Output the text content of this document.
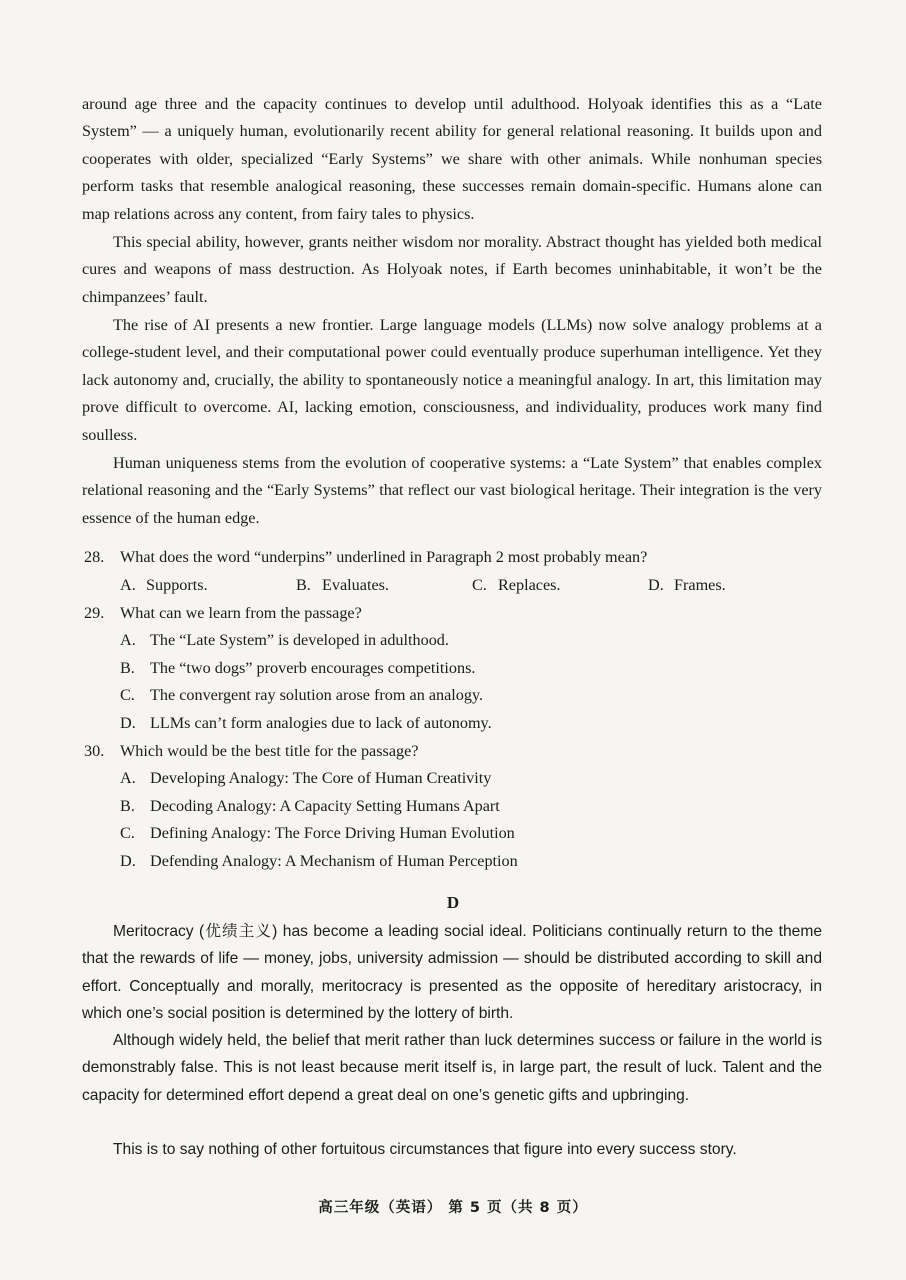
around age three and the capacity continues to develop until adulthood. Holyoak identifies this as a “Late System” — a uniquely human, evolutionarily recent ability for general relational reasoning. It builds upon and cooperates with older, specialized “Early Systems” we share with other animals. While nonhuman species perform tasks that resemble analogical reasoning, these successes remain domain-specific. Humans alone can map relations across any content, from fairy tales to physics.

This special ability, however, grants neither wisdom nor morality. Abstract thought has yielded both medical cures and weapons of mass destruction. As Holyoak notes, if Earth becomes uninhabitable, it won’t be the chimpanzees’ fault.

The rise of AI presents a new frontier. Large language models (LLMs) now solve analogy problems at a college-student level, and their computational power could eventually produce superhuman intelligence. Yet they lack autonomy and, crucially, the ability to spontaneously notice a meaningful analogy. In art, this limitation may prove difficult to overcome. AI, lacking emotion, consciousness, and individuality, produces work many find soulless.

Human uniqueness stems from the evolution of cooperative systems: a “Late System” that enables complex relational reasoning and the “Early Systems” that reflect our vast biological heritage. Their integration is the very essence of the human edge.

28. What does the word “underpins” underlined in Paragraph 2 most probably mean?
A. Supports.	B. Evaluates.	C. Replaces.	D. Frames.
29. What can we learn from the passage?
A. The “Late System” is developed in adulthood.
B. The “two dogs” proverb encourages competitions.
C. The convergent ray solution arose from an analogy.
D. LLMs can’t form analogies due to lack of autonomy.
30. Which would be the best title for the passage?
A. Developing Analogy: The Core of Human Creativity
B. Decoding Analogy: A Capacity Setting Humans Apart
C. Defining Analogy: The Force Driving Human Evolution
D. Defending Analogy: A Mechanism of Human Perception
D

Meritocracy (优绩主义) has become a leading social ideal. Politicians continually return to the theme that the rewards of life — money, jobs, university admission — should be distributed according to skill and effort. Conceptually and morally, meritocracy is presented as the opposite of hereditary aristocracy, in which one’s social position is determined by the lottery of birth.

Although widely held, the belief that merit rather than luck determines success or failure in the world is demonstrably false. This is not least because merit itself is, in large part, the result of luck. Talent and the capacity for determined effort depend a great deal on one’s genetic gifts and upbringing.

This is to say nothing of other fortuitous circumstances that figure into every success story.

高三年级（英语） 第 5 页（共 8 页）
